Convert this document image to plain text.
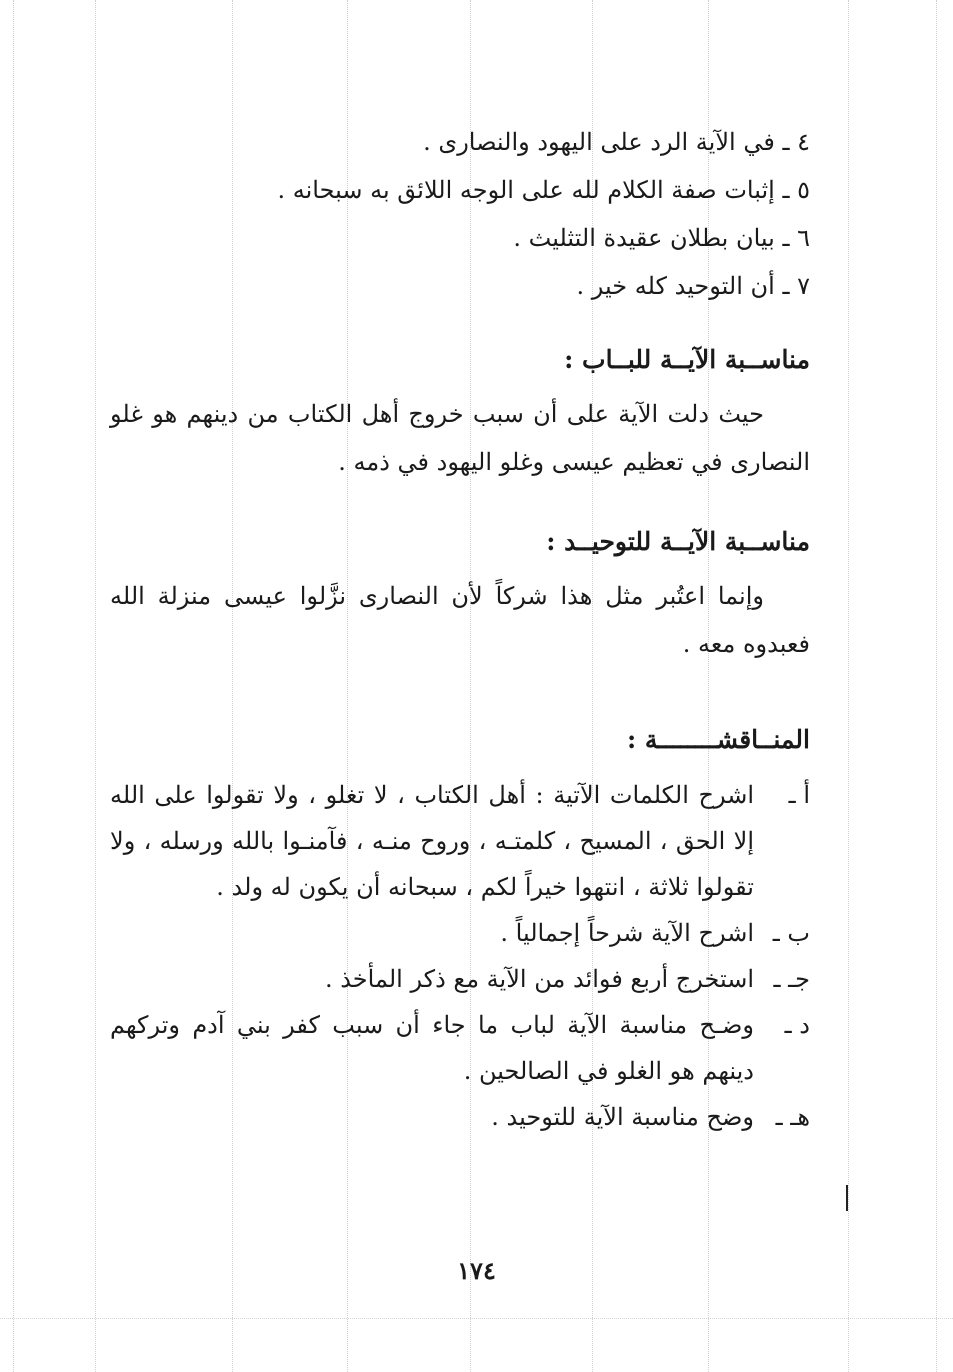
٤ ـ في الآية الرد على اليهود والنصارى .
٥ ـ إثبات صفة الكلام لله على الوجه اللائق به سبحانه .
٦ ـ بيان بطلان عقيدة التثليث .
٧ ـ أن التوحيد كله خير .
مناســبة الآيــة للبــاب :

حيث دلت الآية على أن سبب خروج أهل الكتاب من دينهم هو غلو النصارى في تعظيم عيسى وغلو اليهود في ذمه .

مناســبة الآيــة للتوحيــد :

وإنما اعتُبر مثل هذا شركاً لأن النصارى نزَّلوا عيسى منزلة الله فعبدوه معه .

المنــاقشــــــــة :
أ ـ
اشرح الكلمات الآتية : أهل الكتاب ، لا تغلو ، ولا تقولوا على الله إلا الحق ، المسيح ، كلمتـه ، وروح منـه ، فآمنـوا بالله ورسله ، ولا تقولوا ثلاثة ، انتهوا خيراً لكم ، سبحانه أن يكون له ولد .
ب ـ
اشرح الآية شرحاً إجمالياً .
جـ ـ
استخرج أربع فوائد من الآية مع ذكر المأخذ .
د ـ
وضـح مناسبة الآية لباب ما جاء أن سبب كفر بني آدم وتركهم دينهم هو الغلو في الصالحين .
هـ ـ
وضح مناسبة الآية للتوحيد .
١٧٤
